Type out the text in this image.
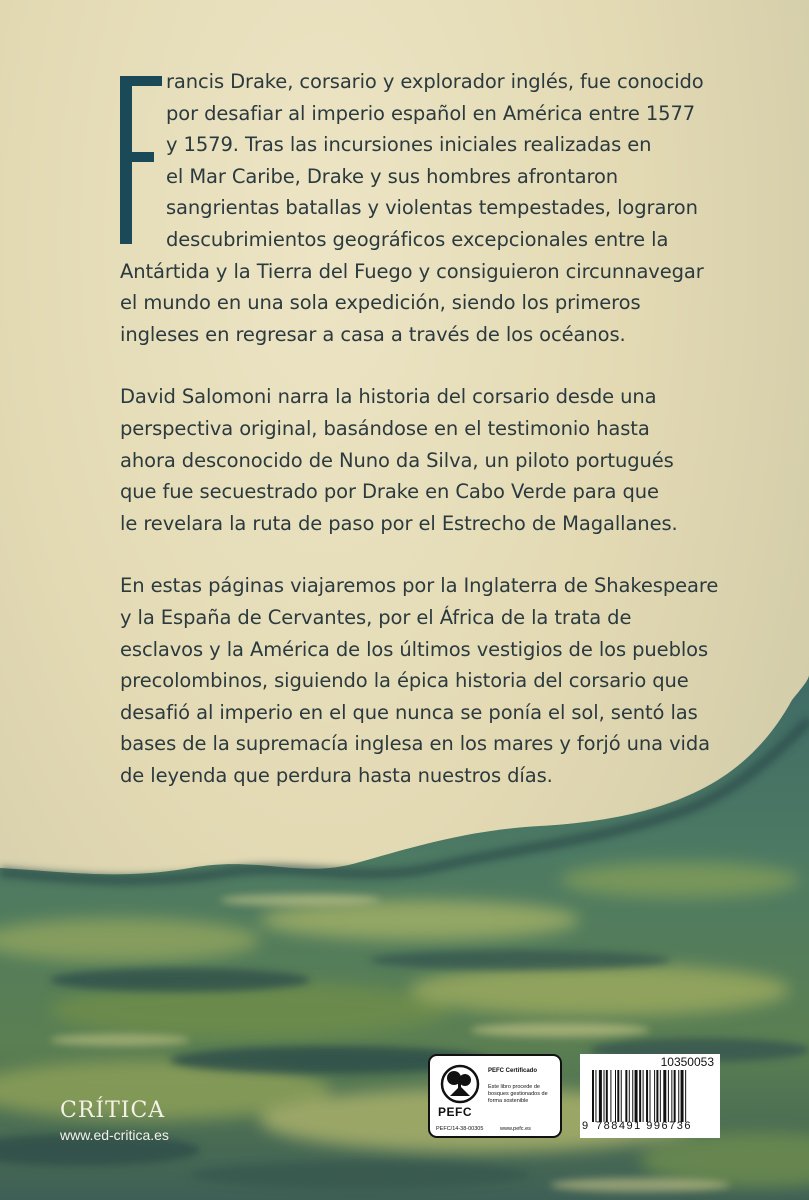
rancis Drake, corsario y explorador inglés, fue conocido
por desafiar al imperio español en América entre 1577
y 1579. Tras las incursiones iniciales realizadas en
el Mar Caribe, Drake y sus hombres afrontaron
sangrientas batallas y violentas tempestades, lograron
descubrimientos geográficos excepcionales entre la
Antártida y la Tierra del Fuego y consiguieron circunnavegar
el mundo en una sola expedición, siendo los primeros
ingleses en regresar a casa a través de los océanos.

David Salomoni narra la historia del corsario desde una
perspectiva original, basándose en el testimonio hasta
ahora desconocido de Nuno da Silva, un piloto portugués
que fue secuestrado por Drake en Cabo Verde para que
le revelara la ruta de paso por el Estrecho de Magallanes.

En estas páginas viajaremos por la Inglaterra de Shakespeare
y la España de Cervantes, por el África de la trata de
esclavos y la América de los últimos vestigios de los pueblos
precolombinos, siguiendo la épica historia del corsario que
desafió al imperio en el que nunca se ponía el sol, sentó las
bases de la supremacía inglesa en los mares y forjó una vida
de leyenda que perdura hasta nuestros días.

CRÍTICA
www.ed-critica.es
PEFC
PEFC Certificado
Este libro procede de bosques gestionados de forma sostenible
PEFC/14-38-00305	www.pefc.es
10350053
9 788491 996736
